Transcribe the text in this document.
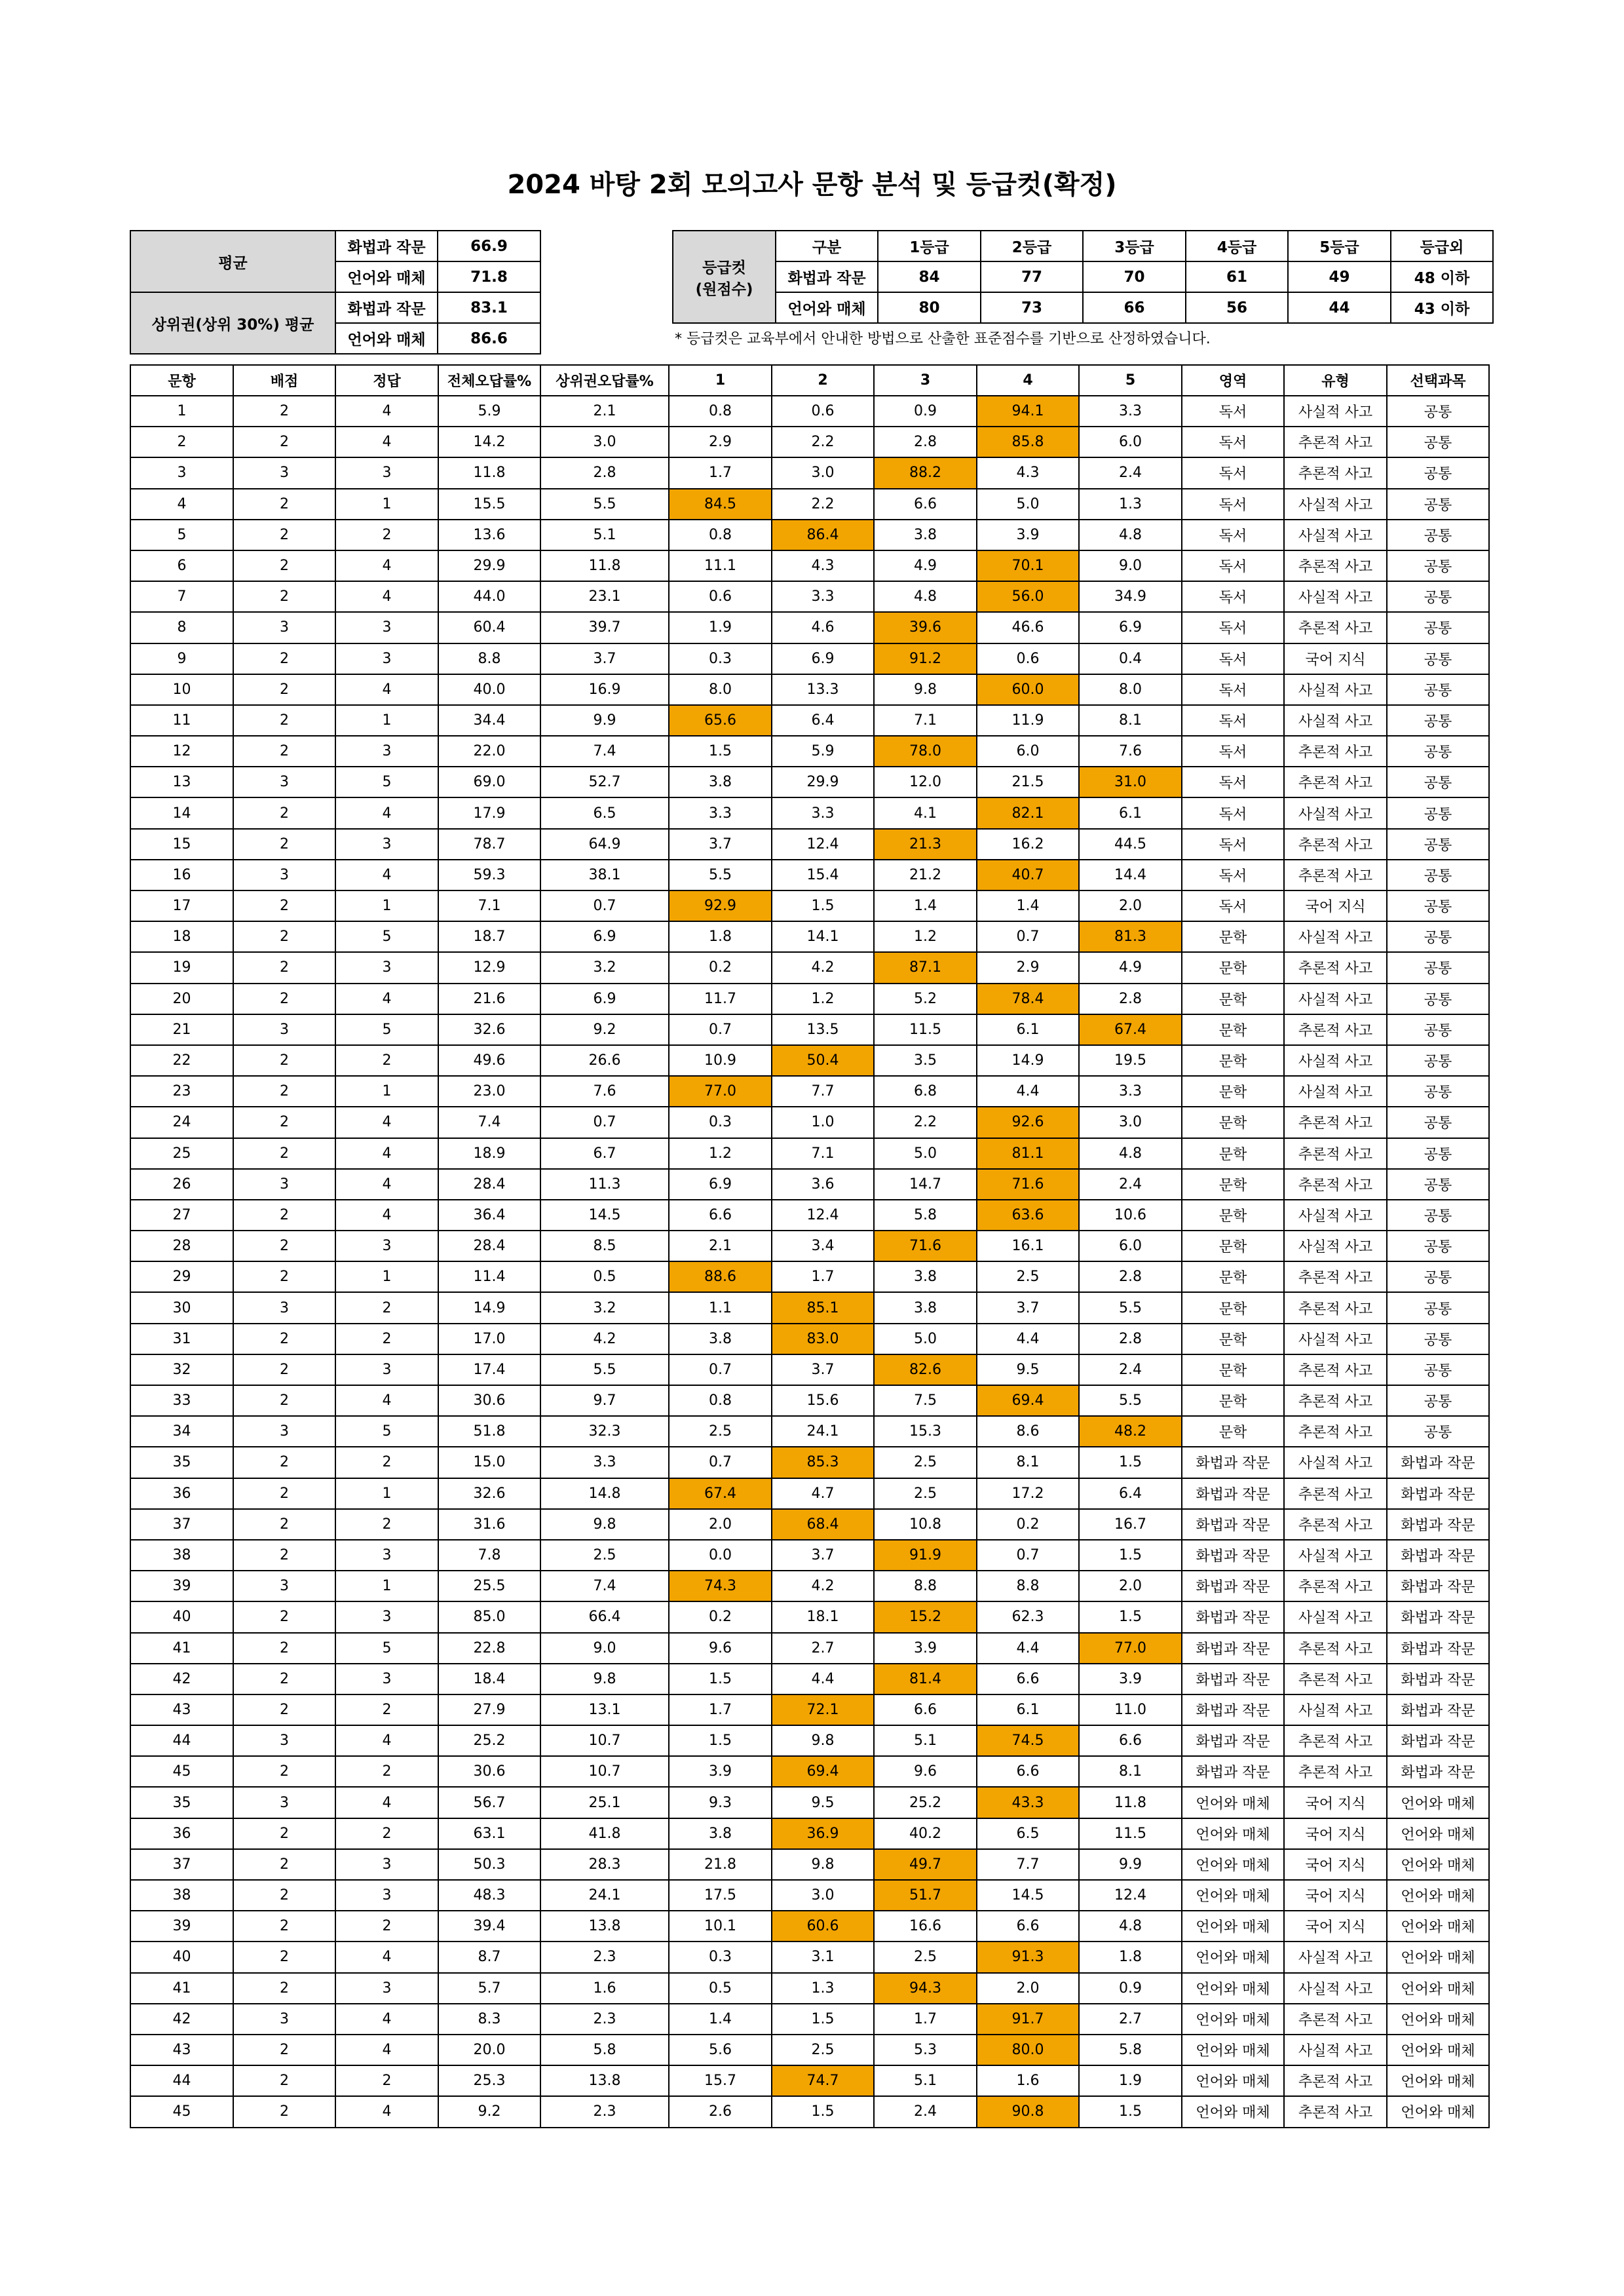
2024 바탕 2회 모의고사 문항 분석 및 등급컷(확정)
평균	화법과 작문	66.9
	언어와 매체	71.8
상위권(상위 30%) 평균	화법과 작문	83.1
	언어와 매체	86.6
등급컷
(원점수)	구분	1등급	2등급	3등급	4등급	5등급	등급외
	화법과 작문	84	77	70	61	49	48 이하
	언어와 매체	80	73	66	56	44	43 이하
* 등급컷은 교육부에서 안내한 방법으로 산출한 표준점수를 기반으로 산정하였습니다.
문항	배점	정답	전체오답률%	상위권오답률%	1	2	3	4	5	영역	유형	선택과목
1	2	4	5.9	2.1	0.8	0.6	0.9	94.1	3.3	독서	사실적 사고	공통
2	2	4	14.2	3.0	2.9	2.2	2.8	85.8	6.0	독서	추론적 사고	공통
3	3	3	11.8	2.8	1.7	3.0	88.2	4.3	2.4	독서	추론적 사고	공통
4	2	1	15.5	5.5	84.5	2.2	6.6	5.0	1.3	독서	사실적 사고	공통
5	2	2	13.6	5.1	0.8	86.4	3.8	3.9	4.8	독서	사실적 사고	공통
6	2	4	29.9	11.8	11.1	4.3	4.9	70.1	9.0	독서	추론적 사고	공통
7	2	4	44.0	23.1	0.6	3.3	4.8	56.0	34.9	독서	사실적 사고	공통
8	3	3	60.4	39.7	1.9	4.6	39.6	46.6	6.9	독서	추론적 사고	공통
9	2	3	8.8	3.7	0.3	6.9	91.2	0.6	0.4	독서	국어 지식	공통
10	2	4	40.0	16.9	8.0	13.3	9.8	60.0	8.0	독서	사실적 사고	공통
11	2	1	34.4	9.9	65.6	6.4	7.1	11.9	8.1	독서	사실적 사고	공통
12	2	3	22.0	7.4	1.5	5.9	78.0	6.0	7.6	독서	추론적 사고	공통
13	3	5	69.0	52.7	3.8	29.9	12.0	21.5	31.0	독서	추론적 사고	공통
14	2	4	17.9	6.5	3.3	3.3	4.1	82.1	6.1	독서	사실적 사고	공통
15	2	3	78.7	64.9	3.7	12.4	21.3	16.2	44.5	독서	추론적 사고	공통
16	3	4	59.3	38.1	5.5	15.4	21.2	40.7	14.4	독서	추론적 사고	공통
17	2	1	7.1	0.7	92.9	1.5	1.4	1.4	2.0	독서	국어 지식	공통
18	2	5	18.7	6.9	1.8	14.1	1.2	0.7	81.3	문학	사실적 사고	공통
19	2	3	12.9	3.2	0.2	4.2	87.1	2.9	4.9	문학	추론적 사고	공통
20	2	4	21.6	6.9	11.7	1.2	5.2	78.4	2.8	문학	사실적 사고	공통
21	3	5	32.6	9.2	0.7	13.5	11.5	6.1	67.4	문학	추론적 사고	공통
22	2	2	49.6	26.6	10.9	50.4	3.5	14.9	19.5	문학	사실적 사고	공통
23	2	1	23.0	7.6	77.0	7.7	6.8	4.4	3.3	문학	사실적 사고	공통
24	2	4	7.4	0.7	0.3	1.0	2.2	92.6	3.0	문학	추론적 사고	공통
25	2	4	18.9	6.7	1.2	7.1	5.0	81.1	4.8	문학	추론적 사고	공통
26	3	4	28.4	11.3	6.9	3.6	14.7	71.6	2.4	문학	추론적 사고	공통
27	2	4	36.4	14.5	6.6	12.4	5.8	63.6	10.6	문학	사실적 사고	공통
28	2	3	28.4	8.5	2.1	3.4	71.6	16.1	6.0	문학	사실적 사고	공통
29	2	1	11.4	0.5	88.6	1.7	3.8	2.5	2.8	문학	추론적 사고	공통
30	3	2	14.9	3.2	1.1	85.1	3.8	3.7	5.5	문학	추론적 사고	공통
31	2	2	17.0	4.2	3.8	83.0	5.0	4.4	2.8	문학	사실적 사고	공통
32	2	3	17.4	5.5	0.7	3.7	82.6	9.5	2.4	문학	추론적 사고	공통
33	2	4	30.6	9.7	0.8	15.6	7.5	69.4	5.5	문학	추론적 사고	공통
34	3	5	51.8	32.3	2.5	24.1	15.3	8.6	48.2	문학	추론적 사고	공통
35	2	2	15.0	3.3	0.7	85.3	2.5	8.1	1.5	화법과 작문	사실적 사고	화법과 작문
36	2	1	32.6	14.8	67.4	4.7	2.5	17.2	6.4	화법과 작문	추론적 사고	화법과 작문
37	2	2	31.6	9.8	2.0	68.4	10.8	0.2	16.7	화법과 작문	추론적 사고	화법과 작문
38	2	3	7.8	2.5	0.0	3.7	91.9	0.7	1.5	화법과 작문	사실적 사고	화법과 작문
39	3	1	25.5	7.4	74.3	4.2	8.8	8.8	2.0	화법과 작문	추론적 사고	화법과 작문
40	2	3	85.0	66.4	0.2	18.1	15.2	62.3	1.5	화법과 작문	사실적 사고	화법과 작문
41	2	5	22.8	9.0	9.6	2.7	3.9	4.4	77.0	화법과 작문	추론적 사고	화법과 작문
42	2	3	18.4	9.8	1.5	4.4	81.4	6.6	3.9	화법과 작문	추론적 사고	화법과 작문
43	2	2	27.9	13.1	1.7	72.1	6.6	6.1	11.0	화법과 작문	사실적 사고	화법과 작문
44	3	4	25.2	10.7	1.5	9.8	5.1	74.5	6.6	화법과 작문	추론적 사고	화법과 작문
45	2	2	30.6	10.7	3.9	69.4	9.6	6.6	8.1	화법과 작문	추론적 사고	화법과 작문
35	3	4	56.7	25.1	9.3	9.5	25.2	43.3	11.8	언어와 매체	국어 지식	언어와 매체
36	2	2	63.1	41.8	3.8	36.9	40.2	6.5	11.5	언어와 매체	국어 지식	언어와 매체
37	2	3	50.3	28.3	21.8	9.8	49.7	7.7	9.9	언어와 매체	국어 지식	언어와 매체
38	2	3	48.3	24.1	17.5	3.0	51.7	14.5	12.4	언어와 매체	국어 지식	언어와 매체
39	2	2	39.4	13.8	10.1	60.6	16.6	6.6	4.8	언어와 매체	국어 지식	언어와 매체
40	2	4	8.7	2.3	0.3	3.1	2.5	91.3	1.8	언어와 매체	사실적 사고	언어와 매체
41	2	3	5.7	1.6	0.5	1.3	94.3	2.0	0.9	언어와 매체	사실적 사고	언어와 매체
42	3	4	8.3	2.3	1.4	1.5	1.7	91.7	2.7	언어와 매체	추론적 사고	언어와 매체
43	2	4	20.0	5.8	5.6	2.5	5.3	80.0	5.8	언어와 매체	사실적 사고	언어와 매체
44	2	2	25.3	13.8	15.7	74.7	5.1	1.6	1.9	언어와 매체	추론적 사고	언어와 매체
45	2	4	9.2	2.3	2.6	1.5	2.4	90.8	1.5	언어와 매체	추론적 사고	언어와 매체
